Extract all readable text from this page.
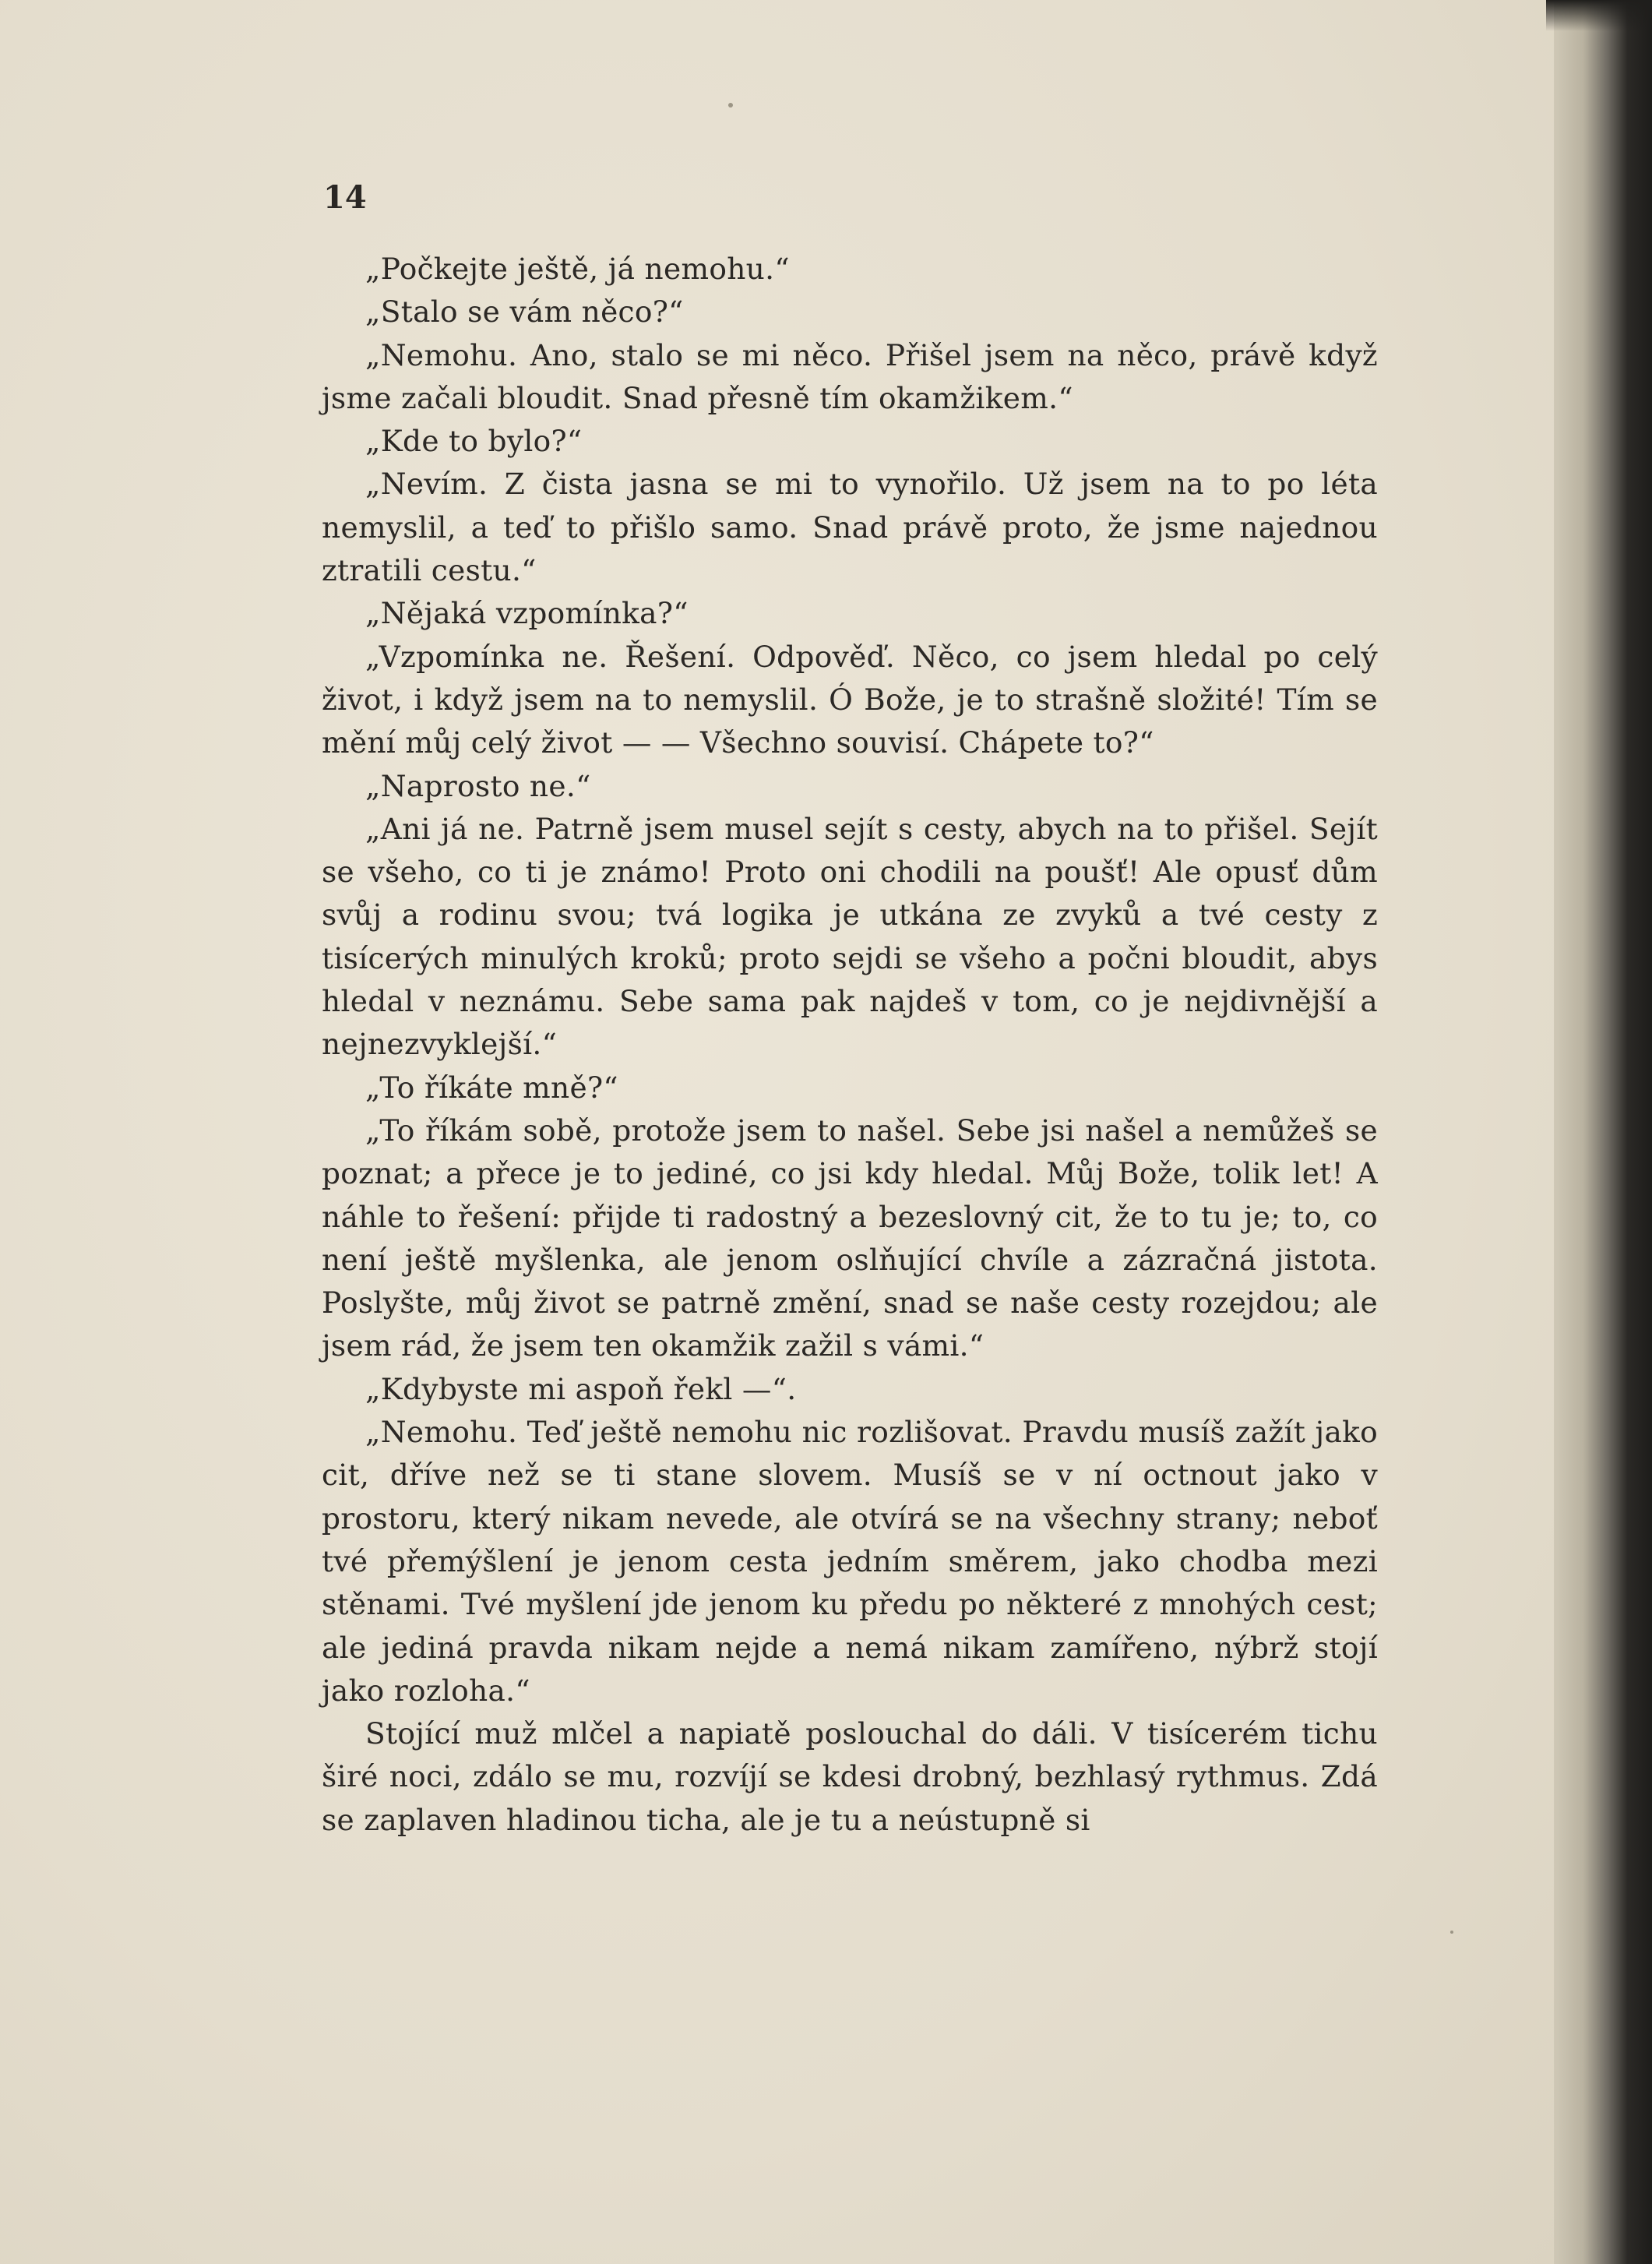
14

„Počkejte ještě, já nemohu.“

„Stalo se vám něco?“

„Nemohu. Ano, stalo se mi něco. Přišel jsem na něco, právě když jsme začali bloudit. Snad přesně tím okamžikem.“

„Kde to bylo?“

„Nevím. Z čista jasna se mi to vynořilo. Už jsem na to po léta nemyslil, a teď to přišlo samo. Snad právě proto, že jsme najednou ztratili cestu.“

„Nějaká vzpomínka?“

„Vzpomínka ne. Řešení. Odpověď. Něco, co jsem hledal po celý život, i když jsem na to nemyslil. Ó Bože, je to strašně složité! Tím se mění můj celý život — — Všechno souvisí. Chápete to?“

„Naprosto ne.“

„Ani já ne. Patrně jsem musel sejít s cesty, abych na to přišel. Sejít se všeho, co ti je známo! Proto oni chodili na poušť! Ale opusť dům svůj a rodinu svou; tvá logika je utkána ze zvyků a tvé cesty z tisícerých minulých kroků; proto sejdi se všeho a počni bloudit, abys hledal v neznámu. Sebe sama pak najdeš v tom, co je nejdivnější a nejnezvyklejší.“

„To říkáte mně?“

„To říkám sobě, protože jsem to našel. Sebe jsi našel a nemůžeš se poznat; a přece je to jediné, co jsi kdy hledal. Můj Bože, tolik let! A náhle to řešení: přijde ti radostný a bezeslovný cit, že to tu je; to, co není ještě myšlenka, ale jenom oslňující chvíle a zázračná jistota. Poslyšte, můj život se patrně změní, snad se naše cesty rozejdou; ale jsem rád, že jsem ten okamžik zažil s vámi.“

„Kdybyste mi aspoň řekl —“.

„Nemohu. Teď ještě nemohu nic rozlišovat. Pravdu musíš zažít jako cit, dříve než se ti stane slovem. Musíš se v ní octnout jako v prostoru, který nikam nevede, ale otvírá se na všechny strany; neboť tvé přemýšlení je jenom cesta jedním směrem, jako chodba mezi stěnami. Tvé myšlení jde jenom ku předu po některé z mnohých cest; ale jediná pravda nikam nejde a nemá nikam zamířeno, nýbrž stojí jako rozloha.“

Stojící muž mlčel a napiatě poslouchal do dáli. V tisícerém tichu širé noci, zdálo se mu, rozvíjí se kdesi drobný, bezhlasý rythmus. Zdá se zaplaven hladinou ticha, ale je tu a neústupně si
